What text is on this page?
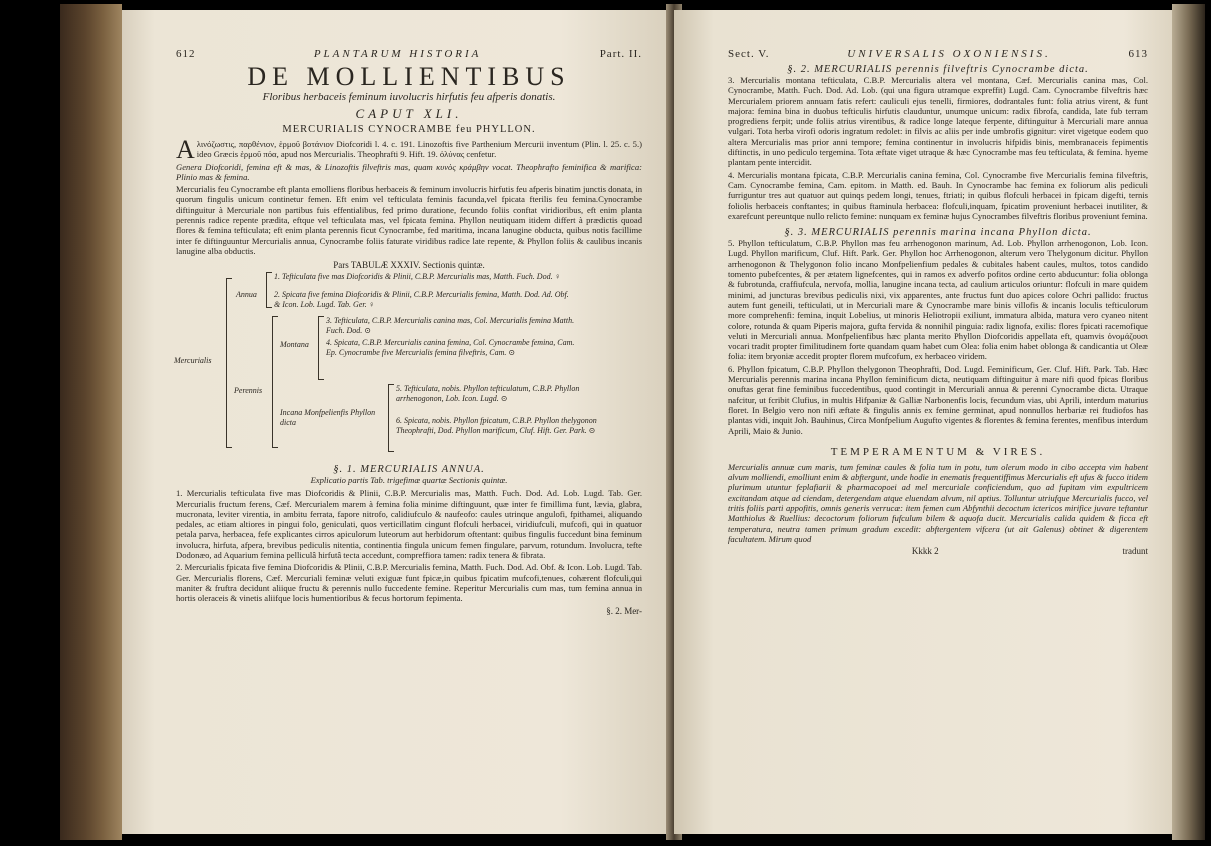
612	PLANTARUM HISTORIA	Part. II.
DE MOLLIENTIBUS

Floribus herbaceis feminum iuvolucris hirfutis feu afperis donatis.

CAPUT XLI.

MERCURIALIS CYNOCRAMBE feu PHYLLON.

Aλινόζωστις, παρθένιον, ἑρμοῦ βοτάνιον Diofcoridi l. 4. c. 191. Linozoftis five Parthenium Mercurii inventum (Plin. l. 25. c. 5.) ideo Græcis ἑρμοῦ πόα, apud nos Mercurialis. Theophrafti 9. Hift. 19. ὀλύνας cenfetur.

Genera Diofcoridi, femina eft & mas, & Linozoftis filveftris mas, quam κυνὸς κράμβην vocat. Theophrafto feminifica & marifica: Plinio mas & femina.

Mercurialis feu Cynocrambe eft planta emolliens floribus herbaceis & feminum involucris hirfutis feu afperis binatim junctis donata, in quorum fingulis unicum continetur femen. Eft enim vel tefticulata feminis facunda,vel fpicata fterilis feu femina.Cynocrambe diftinguitur à Mercuriale non partibus fuis effentialibus, fed primo duratione, fecundo foliis conftat viridioribus, eft enim planta perennis radice repente prædita, eftque vel tefticulata mas, vel fpicata femina. Phyllon neutiquam itidem differt à prædictis quoad flores & femina tefticulata; eft enim planta perennis ficut Cynocrambe, fed maritima, incana lanugine obducta, quibus notis facillime inter fe diftinguuntur Mercurialis annua, Cynocrambe foliis faturate viridibus radice late repente, & Phyllon foliis & caulibus incanis lanugine alba obductis.

Pars TABULÆ XXXIV. Sectionis quintæ.

Mercurialis
Annua
1. Tefticulata five mas Diofcoridis & Plinii, C.B.P. Mercurialis mas, Matth. Fuch. Dod. ♀
2. Spicata five femina Diofcoridis & Plinii, C.B.P. Mercurialis femina, Matth. Dod. Ad. Obf. & Icon. Lob. Lugd. Tab. Ger. ♀
Perennis
Montana
3. Tefticulata, C.B.P. Mercurialis canina mas, Col. Mercurialis femina Matth. Fuch. Dod. ⊙
4. Spicata, C.B.P. Mercurialis canina femina, Col. Cynocrambe femina, Cam. Ep. Cynocrambe five Mercurialis femina filveftris, Cam. ⊙
Incana Monfpelienfis Phyllon dicta
5. Tefticulata, nobis. Phyllon tefticulatum, C.B.P. Phyllon arrhenogonon, Lob. Icon. Lugd. ⊙
6. Spicata, nobis. Phyllon fpicatum, C.B.P. Phyllon thelygonon Theophrafti, Dod. Phyllon marificum, Cluf. Hift. Ger. Park. ⊙

§. 1. MERCURIALIS ANNUA.

Explicatio partis Tab. trigefimæ quartæ Sectionis quintæ.

1. Mercurialis tefticulata five mas Diofcoridis & Plinii, C.B.P. Mercurialis mas, Matth. Fuch. Dod. Ad. Lob. Lugd. Tab. Ger. Mercurialis fructum ferens, Cæf. Mercurialem marem à femina folia minime diftinguunt, quæ inter fe fimillima funt, lævia, glabra, mucronata, leviter virentia, in ambitu ferrata, fapore nitrofo, calidiufculo & naufeofo: caules utrinque angulofi, fpithamei, aliquando pedales, ac etiam altiores in pingui folo, geniculati, quos verticillatim cingunt flofculi herbacei, viridiufculi, mufcofi, qui in quatuor petala parva, herbacea, fefe explicantes cirros apiculorum luteorum aut herbidorum oftentant: quibus fingulis fuccedunt bina feminum involucra, hirfuta, afpera, brevibus pediculis nitentia, continentia fingula unicum femen fingulare, parvum, rotundum. Involucra, tefte Dodonæo, ad Aquarium femina pelliculâ hirfutâ tecta accedunt, compreffiora tamen: radix tenera & fibrata.

2. Mercurialis fpicata five femina Diofcoridis & Plinii, C.B.P. Mercurialis femina, Matth. Fuch. Dod. Ad. Obf. & Icon. Lob. Lugd. Tab. Ger. Mercurialis florens, Cæf. Mercuriali feminæ veluti exiguæ funt fpicæ,in quibus fpicatim mufcofi,tenues, cohærent flofculi,qui maniter & fruftra decidunt aliique fructu & perennis nullo fuccedente femine. Reperitur Mercurialis cum mas, tum femina annua in hortis oleraceis & vinetis aliifque locis humentioribus & fecus hortorum fepimenta.

§. 2. Mer-
Sect. V.	UNIVERSALIS OXONIENSIS.	613

§. 2. MERCURIALIS perennis filveftris Cynocrambe dicta.

3. Mercurialis montana tefticulata, C.B.P. Mercurialis altera vel montana, Cæf. Mercurialis canina mas, Col. Cynocrambe, Matth. Fuch. Dod. Ad. Lob. (qui una figura utramque expreffit) Lugd. Cam. Cynocrambe filveftris hæc Mercurialem priorem annuam fatis refert: cauliculi ejus tenelli, firmiores, dodrantales funt: folia atrius virent, & funt majora: femina bina in duobus tefticulis hirfutis clauduntur, unumque unicum: radix fibrofa, candida, late fub terram progrediens ferpit; unde foliis atrius virentibus, & radice longe lateque ferpente, diftinguitur à Mercuriali mare annua vulgari. Tota herba virofi odoris ingratum redolet: in filvis ac aliis per inde umbrofis gignitur: viret vigetque eodem quo altera Mercurialis mas prior anni tempore; femina continentur in involucris hifpidis binis, membranaceis fepimentis diftinctis, in uno pediculo tergemina. Tota æftate viget utraque & hæc Cynocrambe mas feu tefticulata, & femina. hyeme plantam pente intercidit.

4. Mercurialis montana fpicata, C.B.P. Mercurialis canina femina, Col. Cynocrambe five Mercurialis femina filveftris, Cam. Cynocrambe femina, Cam. epitom. in Matth. ed. Bauh. In Cynocrambe hac femina ex foliorum alis pediculi furriguntur tres aut quatuor aut quinqs pedem longi, tenues, ftriati; in quibus flofculi herbacei in fpicam digefti, ternis foliolis herbaceis conftantes; in quibus ftaminula herbacea: flofculi,inquam, fpicatim proveniunt herbacei inutiliter, & exarefcunt pereuntque nullo relicto femine: nunquam ex feminæ hujus Cynocrambes filveftris floribus proveniunt femina.

§. 3. MERCURIALIS perennis marina incana Phyllon dicta.

5. Phyllon tefticulatum, C.B.P. Phyllon mas feu arrhenogonon marinum, Ad. Lob. Phyllon arrhenogonon, Lob. Icon. Lugd. Phyllon marificum, Cluf. Hift. Park. Ger. Phyllon hoc Arrhenogonon, alterum vero Thelygonum dicitur. Phyllon arrhenogonon & Thelygonon folio incano Monfpelienfium pedales & cubitales habent caules, multos, totos candido tomento pubefcentes, & per ætatem lignefcentes, qui in ramos ex adverfo pofitos ordine certo abducuntur: folia oblonga & fubrotunda, craffiufcula, nervofa, mollia, lanugine incana tecta, ad caulium articulos oriuntur: flofculi in mare quidem minimi, ad juncturas brevibus pediculis nixi, vix apparentes, ante fructus funt duo apices colore Ochri pallido: fructus autem funt geneili, tefticulati, ut in Mercuriali mare & Cynocrambe mare binis villofis & incanis loculis tefticulorum more comprehenfi: femina, inquit Lobelius, ut minoris Heliotropii exiliunt, immatura albida, matura vero cyaneo nitent colore, rotunda & quam Piperis majora, gufta fervida & nonnihil pinguia: radix lignofa, exilis: flores fpicati racemofique veluti in Mercuriali annua. Monfpelienfibus hæc planta merito Phyllon Diofcoridis appellata eft, quamvis ὀνομάζουσι vocari tradit propter fimilitudinem forte quandam quam habet cum Olea: folia enim habet oblonga & candicantia ut Oleæ folia: item bryoniæ accedit propter florem mufcofum, ex herbaceo viridem.

6. Phyllon fpicatum, C.B.P. Phyllon thelygonon Theophrafti, Dod. Lugd. Feminificum, Ger. Cluf. Hift. Park. Tab. Hæc Mercurialis perennis marina incana Phyllon feminificum dicta, neutiquam diftinguitur à mare nifi quod fpicas floribus onuftas gerat fine feminibus fuccedentibus, quod contingit in Mercuriali annua & perenni Cynocrambe dicta. Utraque nafcitur, ut fcribit Clufius, in multis Hifpaniæ & Galliæ Narbonenfis locis, fecundum vias, ubi Aprili, interdum maturius floret. In Belgio vero non nifi æftate & fingulis annis ex femine germinat, apud nonnullos herbariæ rei ftudiofos has plantas vidi, inquit Joh. Bauhinus, Circa Monfpelium Augufto vigentes & florentes & femina ferentes, menfibus interdum Aprili, Maio & Junio.

TEMPERAMENTUM & VIRES.

Mercurialis annuæ cum maris, tum feminæ caules & folia tum in potu, tum olerum modo in cibo accepta vim habent alvum molliendi, emolliunt enim & abftergunt, unde hodie in enematis frequentiffimus Mercurialis eft ufus & fucco itidem plurimum utuntur feplafiarii & pharmacopoei ad mel mercuriale conficiendum, quo ad fupitam vim expultricem excitandam atque ad ciendam, detergendam atque eluendam alvum, nil aptius. Tolluntur utriufque Mercurialis fucco, vel tritis foliis parti appofitis, omnis generis verrucæ: item femen cum Abfynthii decoctum ictericos mirifice juvare teftantur Matthiolus & Ruellius: decoctorum foliorum fufculum bilem & aquofa ducit. Mercurialis calida quidem & ficca eft temperatura, neutra tamen primum gradum excedit: abftergentem vifcera (ut ait Galenus) obtinet & digerentem facultatem. Mirum quod

Kkkk 2	tradunt
